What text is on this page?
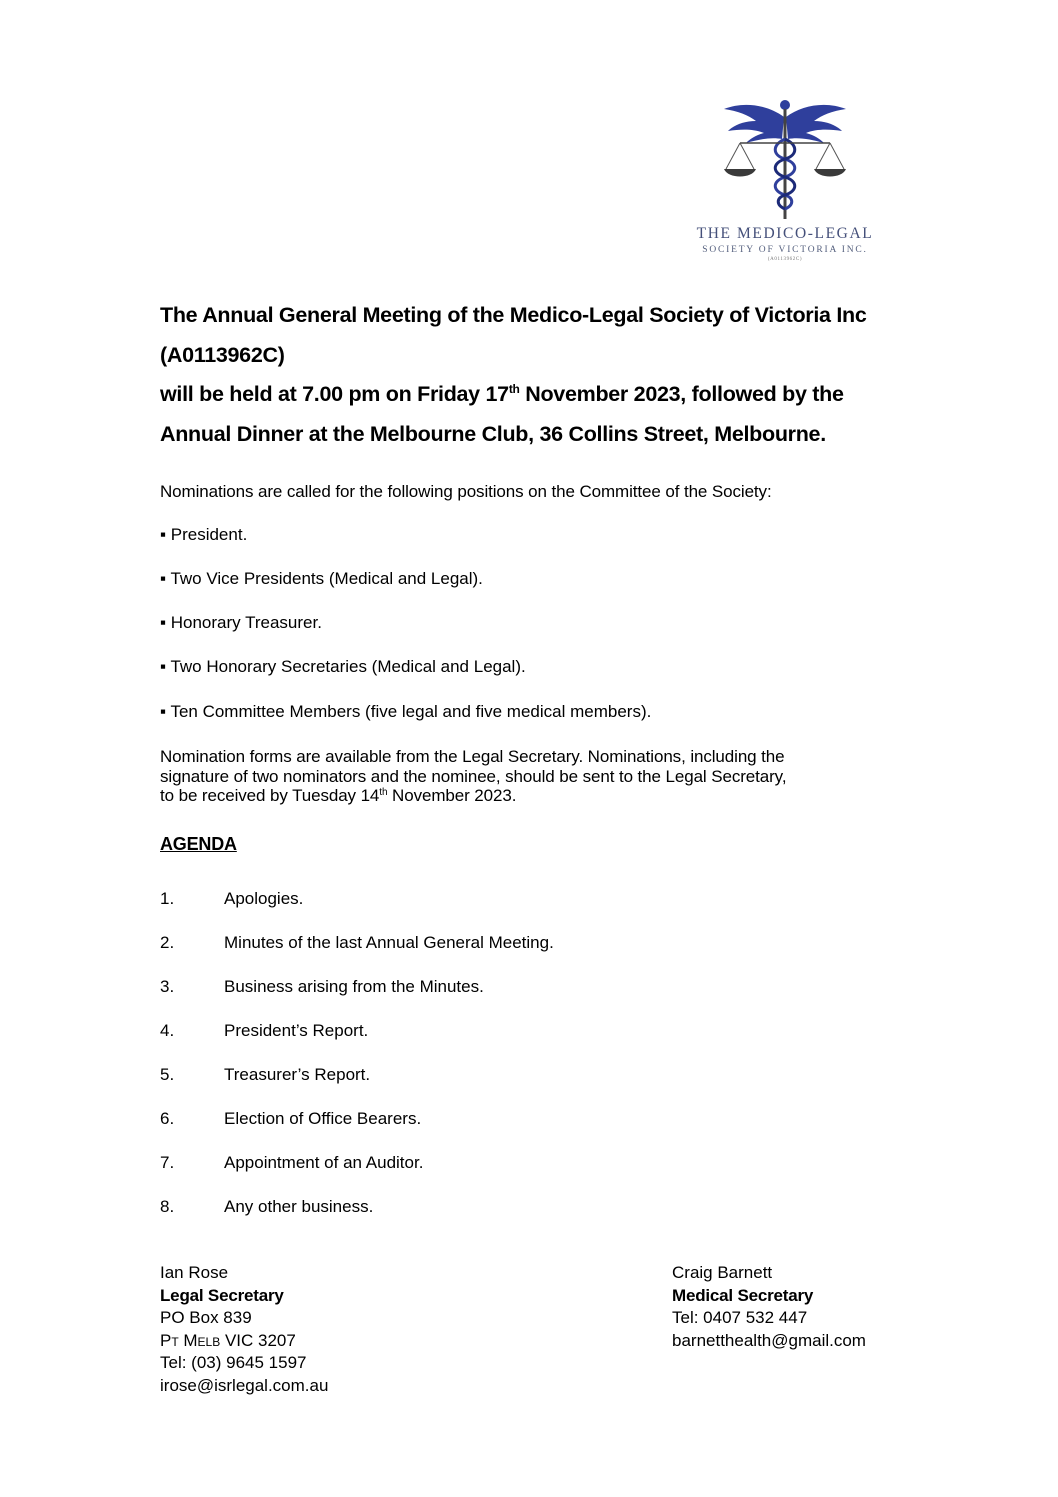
THE MEDICO-LEGAL
SOCIETY OF VICTORIA INC.
(A0113962C)
The Annual General Meeting of the Medico-Legal Society of Victoria Inc
(A0113962C)
will be held at 7.00 pm on Friday 17th November 2023, followed by the
Annual Dinner at the Melbourne Club, 36 Collins Street, Melbourne.
Nominations are called for the following positions on the Committee of the Society:
▪ President.
▪ Two Vice Presidents (Medical and Legal).
▪ Honorary Treasurer.
▪ Two Honorary Secretaries (Medical and Legal).
▪ Ten Committee Members (five legal and five medical members).
Nomination forms are available from the Legal Secretary. Nominations, including the
signature of two nominators and the nominee, should be sent to the Legal Secretary,
to be received by Tuesday 14th November 2023.
AGENDA
1.	Apologies.
2.	Minutes of the last Annual General Meeting.
3.	Business arising from the Minutes.
4.	President’s Report.
5.	Treasurer’s Report.
6.	Election of Office Bearers.
7.	Appointment of an Auditor.
8.	Any other business.
Ian Rose
Legal Secretary
PO Box 839
Pt Melb VIC 3207
Tel: (03) 9645 1597
irose@isrlegal.com.au
Craig Barnett
Medical Secretary
Tel: 0407 532 447
barnetthealth@gmail.com
